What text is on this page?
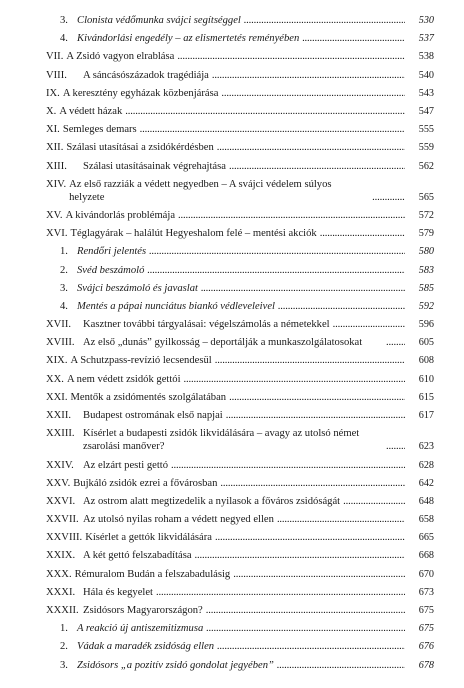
3. Clonista védőmunka svájci segítséggel . . .	530
4. Kivándorlási engedély – az elismertetés reményében . . .	537
VII. A Zsidó vagyon elrablása . . .	538
VIII.	A sáncásószázadok tragédiája . . .	540
IX. A keresztény egyházak közbenjárása . . .	543
X. A védett házak . . .	547
XI. Semleges demars . . .	555
XII. Szálasi utasításai a zsidókérdésben . . .	559
XIII.	Szálasi utasításainak végrehajtása . . .	562
XIV. Az első razziák a védett negyedben – A svájci védelem súlyos helyzete . . .	565
XV. A kivándorlás problémája . . .	572
XVI. Téglagyárak – halálút Hegyeshalom felé – mentési akciók . . .	579
1. Rendőri jelentés . . .	580
2. Svéd beszámoló . . .	583
3. Svájci beszámoló és javaslat . . .	585
4. Mentés a pápai nunciátus biankó védleveleivel . . .	592
XVII.	Kasztner további tárgyalásai: végelszámolás a németekkel . . .	596
XVIII. Az első „dunás” gyilkosság – deportálják a munkaszolgálatosokat . . .	605
XIX. A Schutzpass-revízió lecsendesül . . .	608
XX. A nem védett zsidók gettói . . .	610
XXI. Mentők a zsidómentés szolgálatában . . .	615
XXII.	Budapest ostromának első napjai . . .	617
XXIII. Kísérlet a budapesti zsidók likvidálására – avagy az utolsó német zsarolási manőver? . . .	623
XXIV. Az elzárt pesti gettó . . .	628
XXV. Bujkáló zsidók ezrei a fővárosban . . .	642
XXVI. Az ostrom alatt megtizedelik a nyilasok a főváros zsidóságát . . .	648
XXVII. Az utolsó nyilas roham a védett negyed ellen . . .	658
XXVIII. Kísérlet a gettók likvidálására . . .	665
XXIX. A két gettó felszabadítása . . .	668
XXX. Rémuralom Budán a felszabadulásig . . .	670
XXXI. Hála és kegyelet . . .	673
XXXII. Zsidósors Magyarországon? . . .	675
1. A reakció új antiszemitizmusa . . .	675
2. Vádak a maradék zsidóság ellen . . .	676
3. Zsidósors „a pozitív zsidó gondolat jegyében” . . .	678
